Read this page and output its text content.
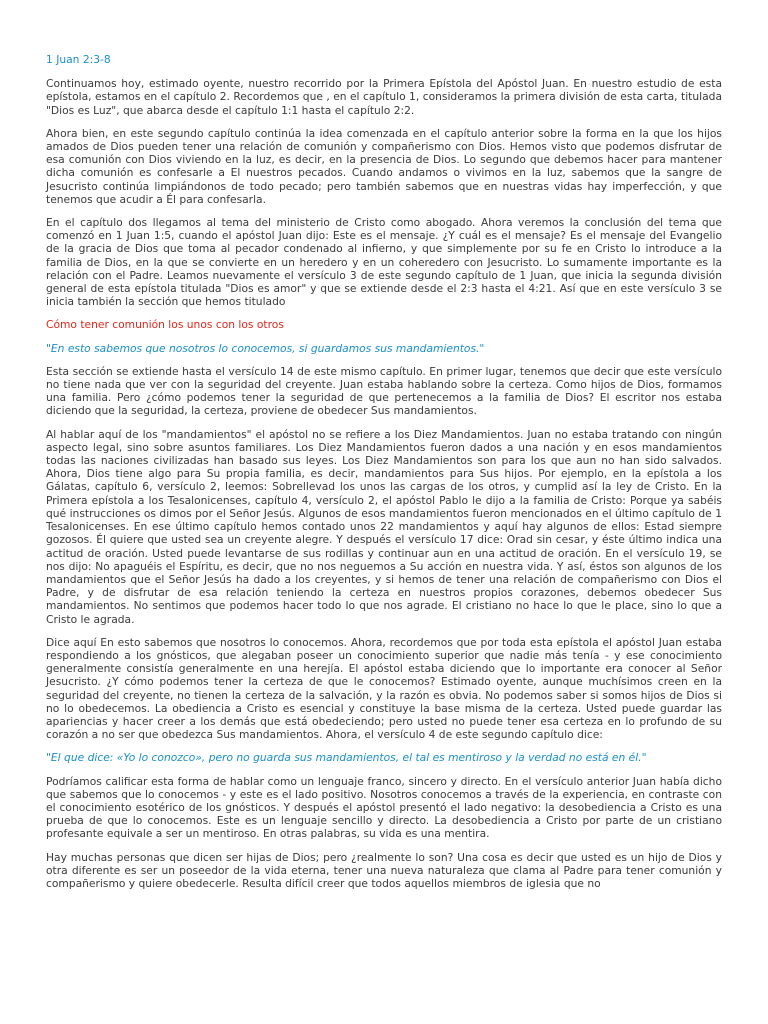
1 Juan 2:3-8

Continuamos hoy, estimado oyente, nuestro recorrido por la Primera Epístola del Apóstol Juan. En nuestro estudio de esta epístola, estamos en el capítulo 2. Recordemos que , en el capítulo 1, consideramos la primera división de esta carta, titulada "Dios es Luz", que abarca desde el capítulo 1:1 hasta el capítulo 2:2.

Ahora bien, en este segundo capítulo continúa la idea comenzada en el capítulo anterior sobre la forma en la que los hijos amados de Dios pueden tener una relación de comunión y compañerismo con Dios. Hemos visto que podemos disfrutar de esa comunión con Dios viviendo en la luz, es decir, en la presencia de Dios. Lo segundo que debemos hacer para mantener dicha comunión es confesarle a El nuestros pecados. Cuando andamos o vivimos en la luz, sabemos que la sangre de Jesucristo continúa limpiándonos de todo pecado; pero también sabemos que en nuestras vidas hay imperfección, y que tenemos que acudir a Él para confesarla.

En el capítulo dos llegamos al tema del ministerio de Cristo como abogado. Ahora veremos la conclusión del tema que comenzó en 1 Juan 1:5, cuando el apóstol Juan dijo: Este es el mensaje. ¿Y cuál es el mensaje? Es el mensaje del Evangelio de la gracia de Dios que toma al pecador condenado al infierno, y que simplemente por su fe en Cristo lo introduce a la familia de Dios, en la que se convierte en un heredero y en un coheredero con Jesucristo. Lo sumamente importante es la relación con el Padre. Leamos nuevamente el versículo 3 de este segundo capítulo de 1 Juan, que inicia la segunda división general de esta epístola titulada "Dios es amor" y que se extiende desde el 2:3 hasta el 4:21. Así que en este versículo 3 se inicia también la sección que hemos titulado

Cómo tener comunión los unos con los otros

"En esto sabemos que nosotros lo conocemos, si guardamos sus mandamientos."

Esta sección se extiende hasta el versículo 14 de este mismo capítulo. En primer lugar, tenemos que decir que este versículo no tiene nada que ver con la seguridad del creyente. Juan estaba hablando sobre la certeza. Como hijos de Dios, formamos una familia. Pero ¿cómo podemos tener la seguridad de que pertenecemos a la familia de Dios? El escritor nos estaba diciendo que la seguridad, la certeza, proviene de obedecer Sus mandamientos.

Al hablar aquí de los "mandamientos" el apóstol no se refiere a los Diez Mandamientos. Juan no estaba tratando con ningún aspecto legal, sino sobre asuntos familiares. Los Diez Mandamientos fueron dados a una nación y en esos mandamientos todas las naciones civilizadas han basado sus leyes. Los Diez Mandamientos son para los que aun no han sido salvados. Ahora, Dios tiene algo para Su propia familia, es decir, mandamientos para Sus hijos. Por ejemplo, en la epístola a los Gálatas, capítulo 6, versículo 2, leemos: Sobrellevad los unos las cargas de los otros, y cumplid así la ley de Cristo. En la Primera epístola a los Tesalonicenses, capítulo 4, versículo 2, el apóstol Pablo le dijo a la familia de Cristo: Porque ya sabéis qué instrucciones os dimos por el Señor Jesús. Algunos de esos mandamientos fueron mencionados en el último capítulo de 1 Tesalonicenses. En ese último capítulo hemos contado unos 22 mandamientos y aquí hay algunos de ellos: Estad siempre gozosos. Él quiere que usted sea un creyente alegre. Y después el versículo 17 dice: Orad sin cesar, y éste último indica una actitud de oración. Usted puede levantarse de sus rodillas y continuar aun en una actitud de oración. En el versículo 19, se nos dijo: No apaguéis el Espíritu, es decir, que no nos neguemos a Su acción en nuestra vida. Y así, éstos son algunos de los mandamientos que el Señor Jesús ha dado a los creyentes, y si hemos de tener una relación de compañerismo con Dios el Padre, y de disfrutar de esa relación teniendo la certeza en nuestros propios corazones, debemos obedecer Sus mandamientos. No sentimos que podemos hacer todo lo que nos agrade. El cristiano no hace lo que le place, sino lo que a Cristo le agrada.

Dice aquí En esto sabemos que nosotros lo conocemos. Ahora, recordemos que por toda esta epístola el apóstol Juan estaba respondiendo a los gnósticos, que alegaban poseer un conocimiento superior que nadie más tenía - y ese conocimiento generalmente consistía generalmente en una herejía. El apóstol estaba diciendo que lo importante era conocer al Señor Jesucristo. ¿Y cómo podemos tener la certeza de que le conocemos? Estimado oyente, aunque muchísimos creen en la seguridad del creyente, no tienen la certeza de la salvación, y la razón es obvia. No podemos saber si somos hijos de Dios si no lo obedecemos. La obediencia a Cristo es esencial y constituye la base misma de la certeza. Usted puede guardar las apariencias y hacer creer a los demás que está obedeciendo; pero usted no puede tener esa certeza en lo profundo de su corazón a no ser que obedezca Sus mandamientos. Ahora, el versículo 4 de este segundo capítulo dice:

"El que dice: «Yo lo conozco», pero no guarda sus mandamientos, el tal es mentiroso y la verdad no está en él."

Podríamos calificar esta forma de hablar como un lenguaje franco, sincero y directo. En el versículo anterior Juan había dicho que sabemos que lo conocemos - y este es el lado positivo. Nosotros conocemos a través de la experiencia, en contraste con el conocimiento esotérico de los gnósticos. Y después el apóstol presentó el lado negativo: la desobediencia a Cristo es una prueba de que lo conocemos. Este es un lenguaje sencillo y directo. La desobediencia a Cristo por parte de un cristiano profesante equivale a ser un mentiroso. En otras palabras, su vida es una mentira.

Hay muchas personas que dicen ser hijas de Dios; pero ¿realmente lo son? Una cosa es decir que usted es un hijo de Dios y otra diferente es ser un poseedor de la vida eterna, tener una nueva naturaleza que clama al Padre para tener comunión y compañerismo y quiere obedecerle. Resulta difícil creer que todos aquellos miembros de iglesia que no
